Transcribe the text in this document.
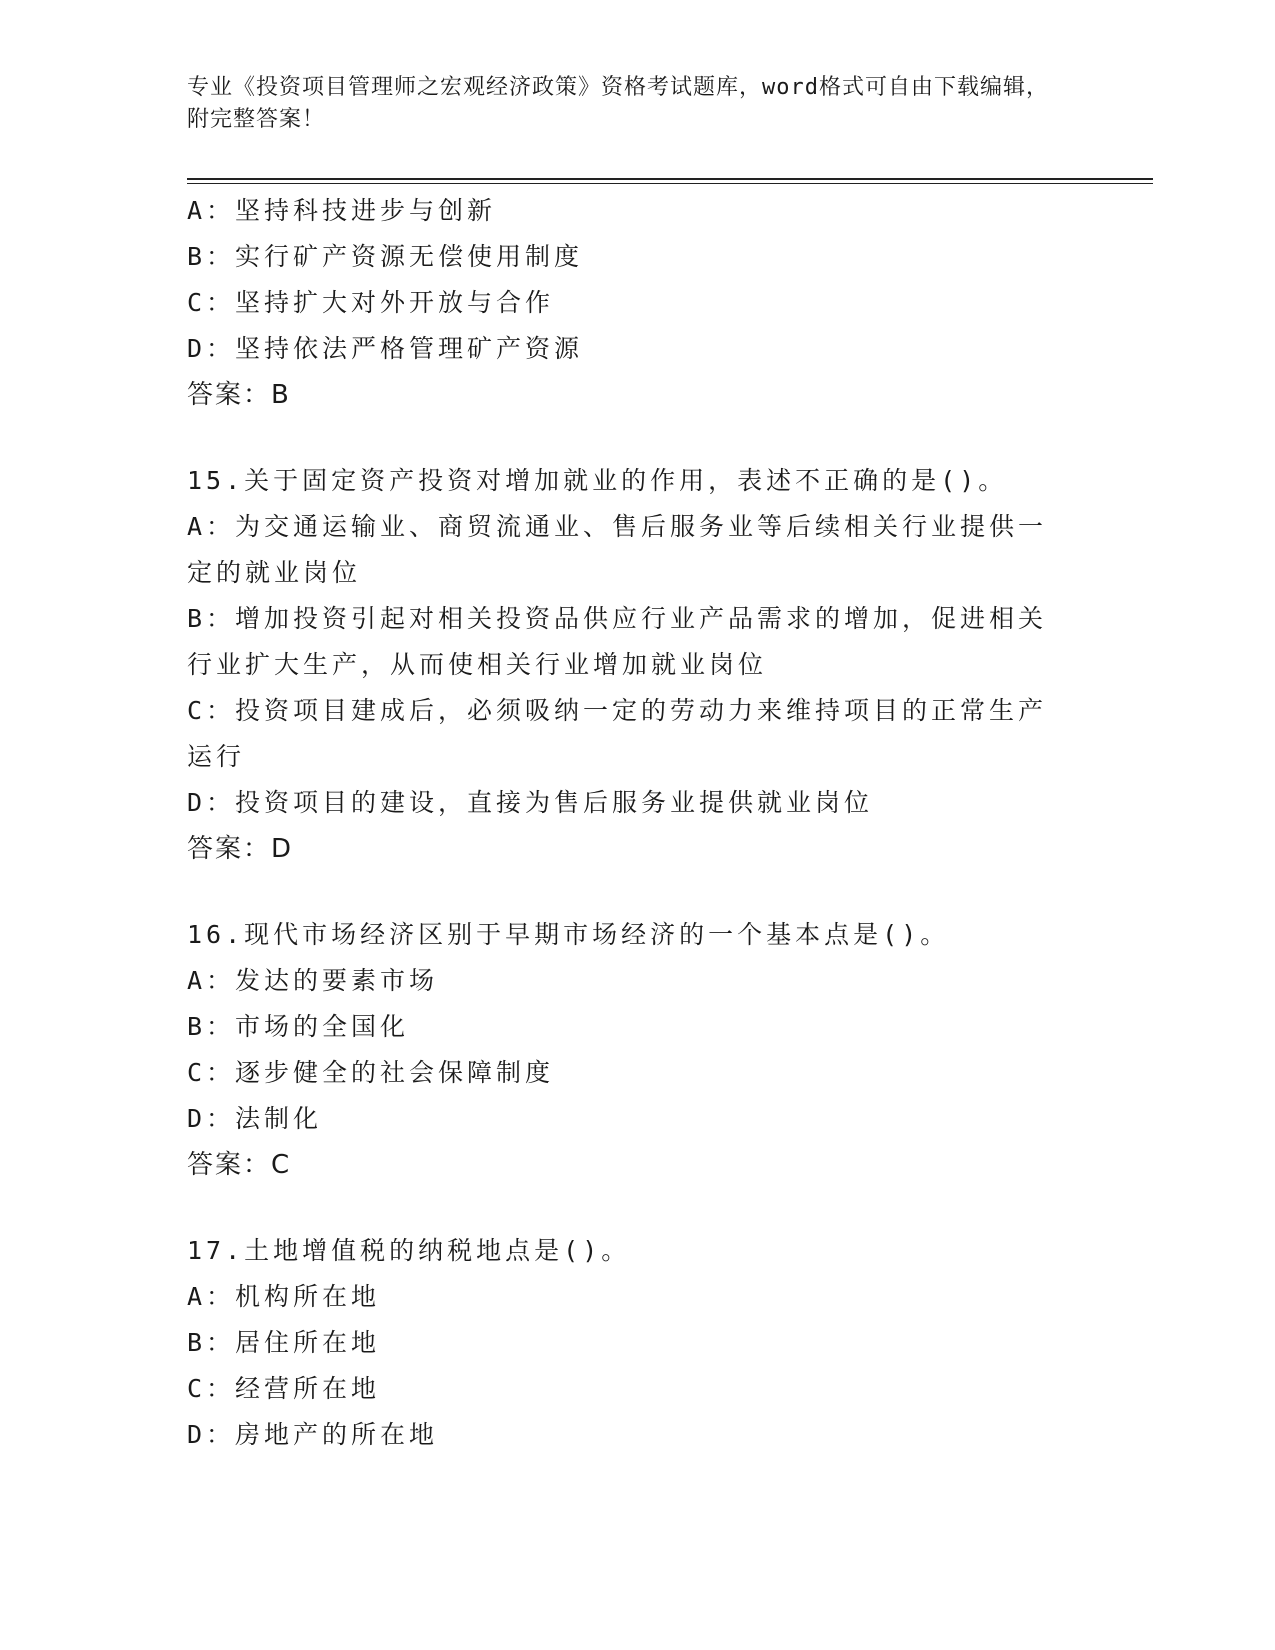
专业《投资项目管理师之宏观经济政策》资格考试题库，word格式可自由下载编辑，附完整答案！
A：坚持科技进步与创新
B：实行矿产资源无偿使用制度
C：坚持扩大对外开放与合作
D：坚持依法严格管理矿产资源
答案：B
15.关于固定资产投资对增加就业的作用，表述不正确的是()。
A：为交通运输业、商贸流通业、售后服务业等后续相关行业提供一定的就业岗位
B：增加投资引起对相关投资品供应行业产品需求的增加，促进相关行业扩大生产，从而使相关行业增加就业岗位
C：投资项目建成后，必须吸纳一定的劳动力来维持项目的正常生产运行
D：投资项目的建设，直接为售后服务业提供就业岗位
答案：D
16.现代市场经济区别于早期市场经济的一个基本点是()。
A：发达的要素市场
B：市场的全国化
C：逐步健全的社会保障制度
D：法制化
答案：C
17.土地增值税的纳税地点是()。
A：机构所在地
B：居住所在地
C：经营所在地
D：房地产的所在地
